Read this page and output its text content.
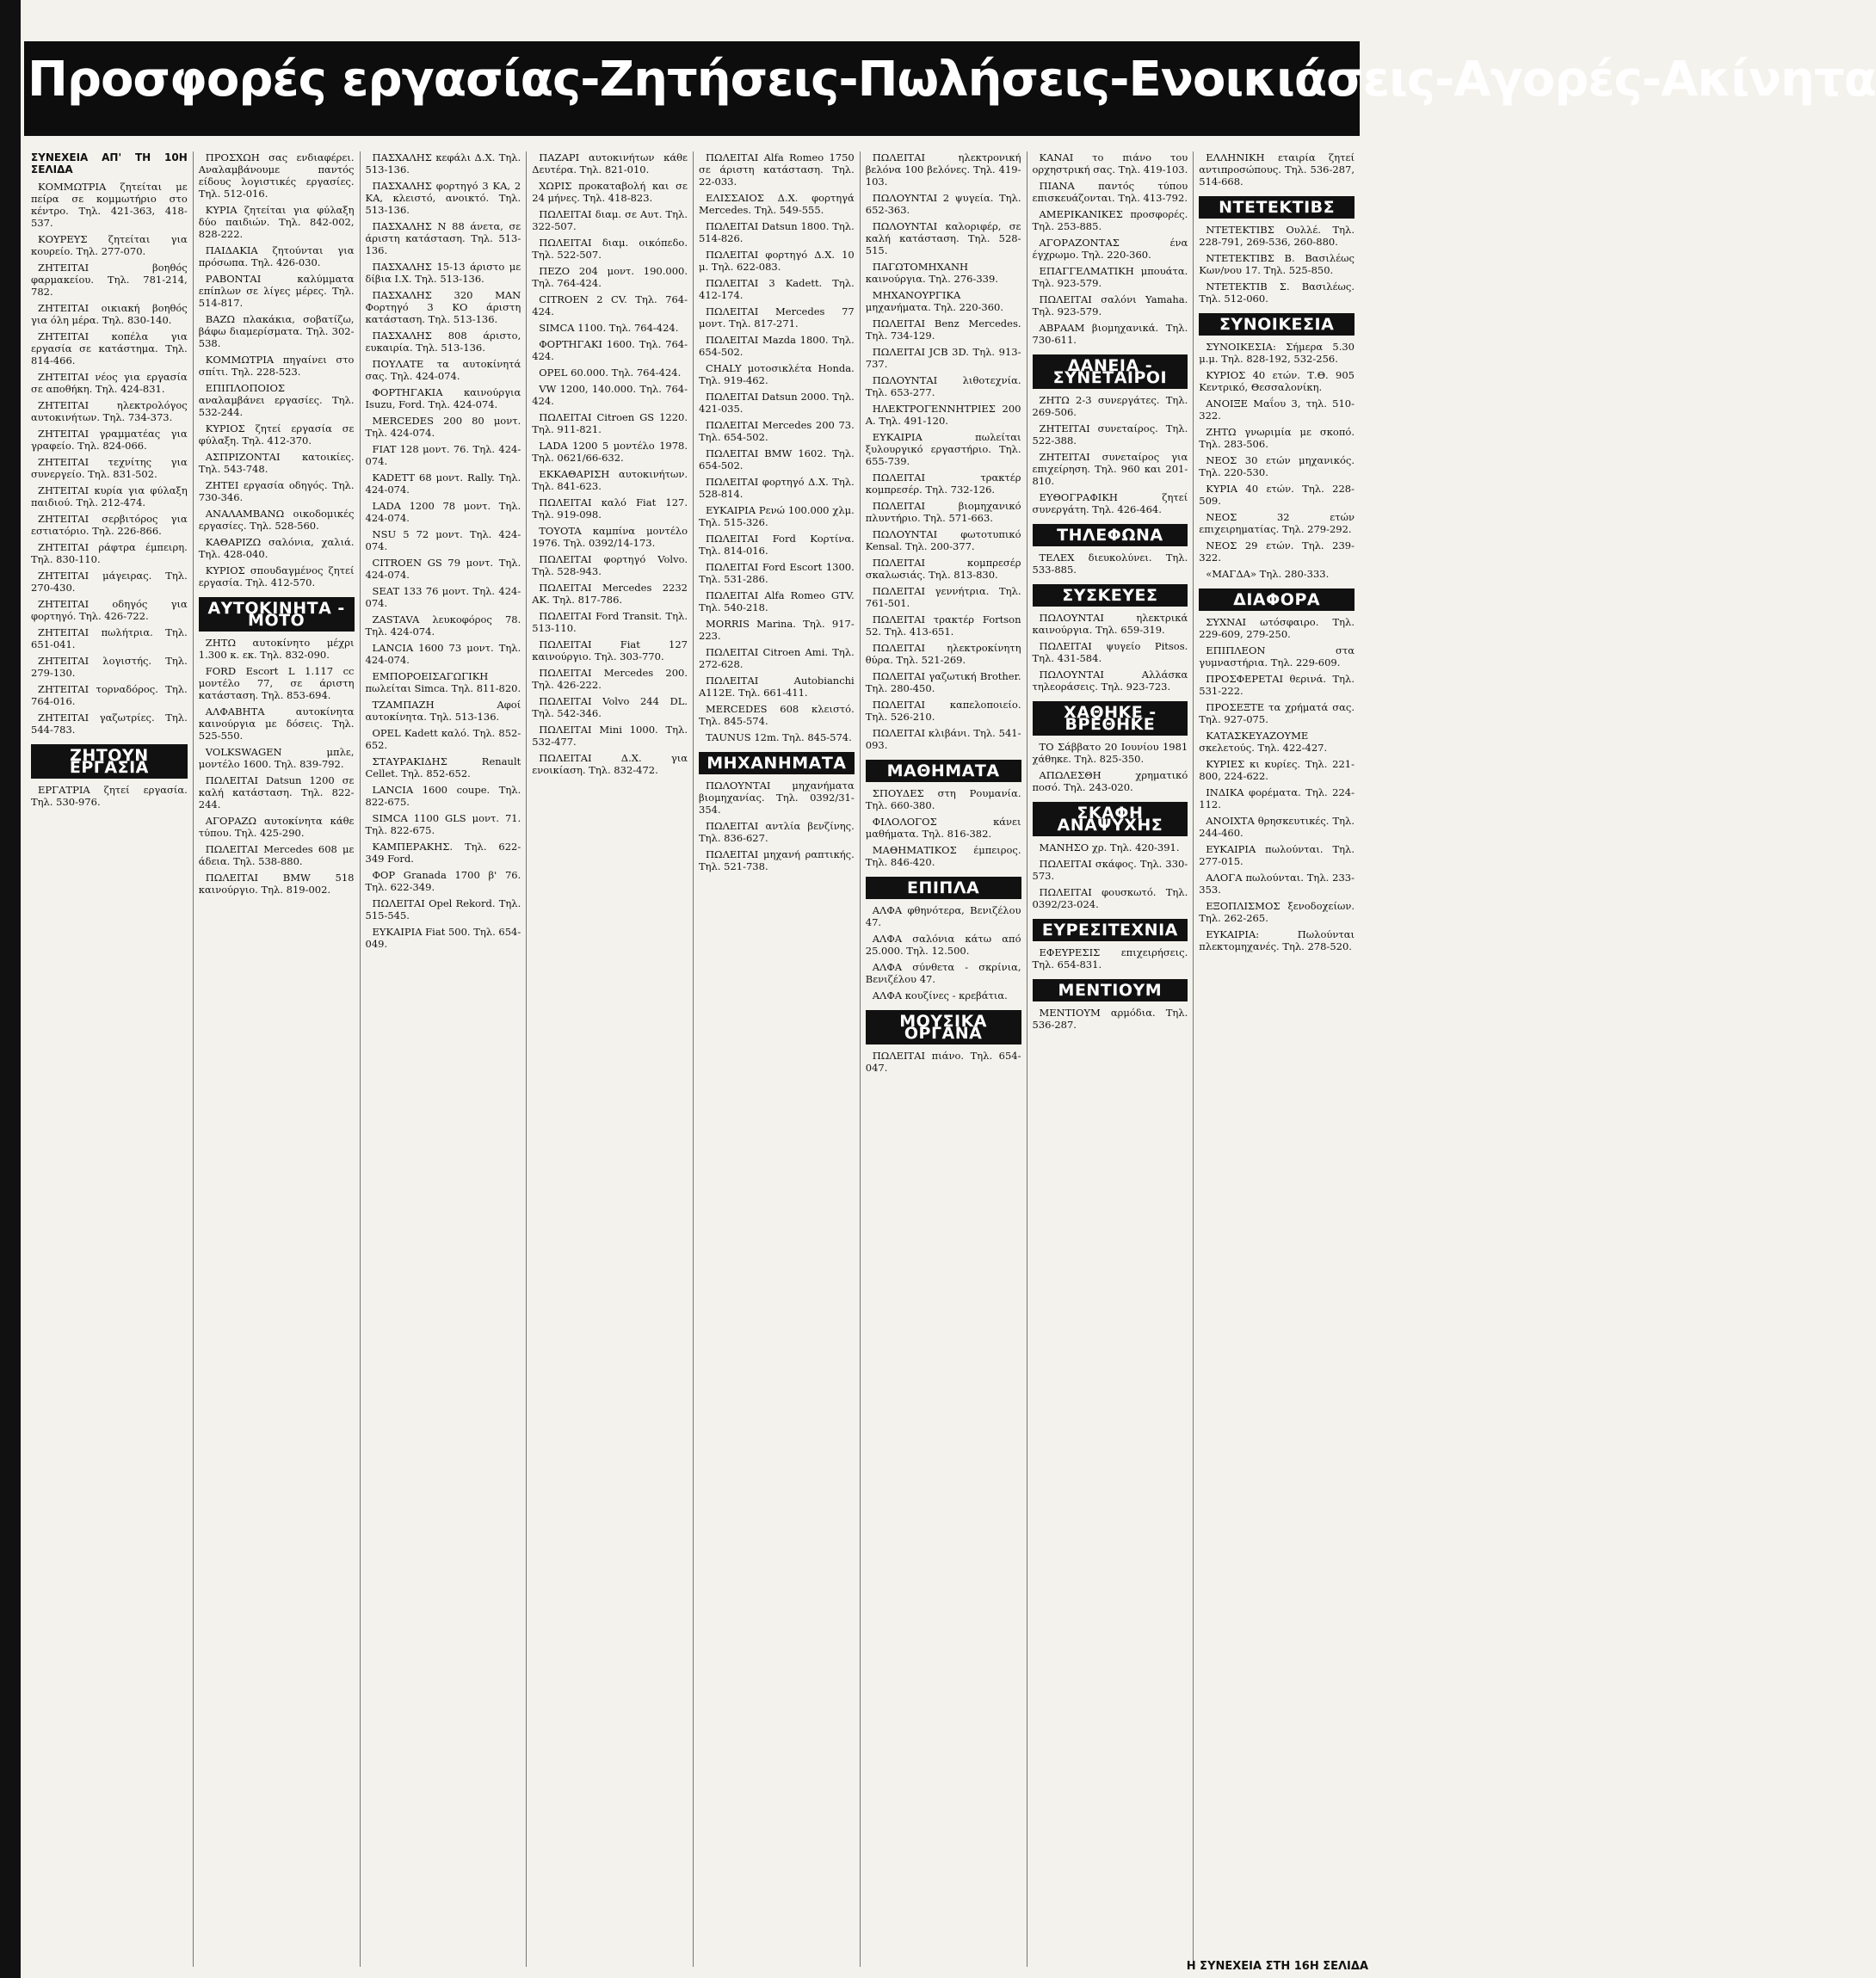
Προσφορές εργασίας-Ζητήσεις-Πωλήσεις-Ενοικιάσεις-Αγορές-Ακίνητα
ΣΥΝΕΧΕΙΑ ΑΠ' ΤΗ 10Η ΣΕΛΙΔΑ
ΚΟΜΜΩΤΡΙΑ ζητείται με πείρα σε κομμωτήριο στο κέντρο. Τηλ. 421-363, 418-537.
ΚΟΥΡΕΥΣ ζητείται για κουρείο. Τηλ. 277-070.
ΖΗΤΕΙΤΑΙ βοηθός φαρμακείου. Τηλ. 781-214, 782.
ΖΗΤΕΙΤΑΙ οικιακή βοηθός για όλη μέρα. Τηλ. 830-140.
ΖΗΤΕΙΤΑΙ κοπέλα για εργασία σε κατάστημα. Τηλ. 814-466.
ΖΗΤΕΙΤΑΙ νέος για εργασία σε αποθήκη. Τηλ. 424-831.
ΖΗΤΕΙΤΑΙ ηλεκτρολόγος αυτοκινήτων. Τηλ. 734-373.
ΖΗΤΕΙΤΑΙ γραμματέας για γραφείο. Τηλ. 824-066.
ΖΗΤΕΙΤΑΙ τεχνίτης για συνεργείο. Τηλ. 831-502.
ΖΗΤΕΙΤΑΙ κυρία για φύλαξη παιδιού. Τηλ. 212-474.
ΖΗΤΕΙΤΑΙ σερβιτόρος για εστιατόριο. Τηλ. 226-866.
ΖΗΤΕΙΤΑΙ ράφτρα έμπειρη. Τηλ. 830-110.
ΖΗΤΕΙΤΑΙ μάγειρας. Τηλ. 270-430.
ΖΗΤΕΙΤΑΙ οδηγός για φορτηγό. Τηλ. 426-722.
ΖΗΤΕΙΤΑΙ πωλήτρια. Τηλ. 651-041.
ΖΗΤΕΙΤΑΙ λογιστής. Τηλ. 279-130.
ΖΗΤΕΙΤΑΙ τορναδόρος. Τηλ. 764-016.
ΖΗΤΕΙΤΑΙ γαζωτρίες. Τηλ. 544-783.
ΖΗΤΟΥΝ ΕΡΓΑΣΙΑ
ΕΡΓΑΤΡΙΑ ζητεί εργασία. Τηλ. 530-976.
ΠΡΟΣΧΩΗ σας ενδιαφέρει. Αναλαμβάνουμε παντός είδους λογιστικές εργασίες. Τηλ. 512-016.
ΚΥΡΙΑ ζητείται για φύλαξη δύο παιδιών. Τηλ. 842-002, 828-222.
ΠΑΙΔΑΚΙΑ ζητούνται για πρόσωπα. Τηλ. 426-030.
ΡΑΒΟΝΤΑΙ καλύμματα επίπλων σε λίγες μέρες. Τηλ. 514-817.
ΒΑΖΩ πλακάκια, σοβατίζω, βάφω διαμερίσματα. Τηλ. 302-538.
ΚΟΜΜΩΤΡΙΑ πηγαίνει στο σπίτι. Τηλ. 228-523.
ΕΠΙΠΛΟΠΟΙΟΣ αναλαμβάνει εργασίες. Τηλ. 532-244.
ΚΥΡΙΟΣ ζητεί εργασία σε φύλαξη. Τηλ. 412-370.
ΑΣΠΡΙΖΟΝΤΑΙ κατοικίες. Τηλ. 543-748.
ΖΗΤΕΙ εργασία οδηγός. Τηλ. 730-346.
ΑΝΑΛΑΜΒΑΝΩ οικοδομικές εργασίες. Τηλ. 528-560.
ΚΑΘΑΡΙΖΩ σαλόνια, χαλιά. Τηλ. 428-040.
ΚΥΡΙΟΣ σπουδαγμένος ζητεί εργασία. Τηλ. 412-570.
ΑΥΤΟΚΙΝΗΤΑ - ΜΟΤΟ
ΖΗΤΩ αυτοκίνητο μέχρι 1.300 κ. εκ. Τηλ. 832-090.
FORD Escort L 1.117 cc μοντέλο 77, σε άριστη κατάσταση. Τηλ. 853-694.
ΑΛΦΑΒΗΤΑ αυτοκίνητα καινούργια με δόσεις. Τηλ. 525-550.
VOLKSWAGEN μπλε, μοντέλο 1600. Τηλ. 839-792.
ΠΩΛΕΙΤΑΙ Datsun 1200 σε καλή κατάσταση. Τηλ. 822-244.
ΑΓΟΡΑΖΩ αυτοκίνητα κάθε τύπου. Τηλ. 425-290.
ΠΩΛΕΙΤΑΙ Mercedes 608 με άδεια. Τηλ. 538-880.
ΠΩΛΕΙΤΑΙ BMW 518 καινούργιο. Τηλ. 819-002.
ΠΑΣΧΑΛΗΣ κεφάλι Δ.Χ. Τηλ. 513-136.
ΠΑΣΧΑΛΗΣ φορτηγό 3 ΚΑ, 2 ΚΑ, κλειστό, ανοικτό. Τηλ. 513-136.
ΠΑΣΧΑΛΗΣ Ν 88 άνετα, σε άριστη κατάσταση. Τηλ. 513-136.
ΠΑΣΧΑΛΗΣ 15-13 άριστο με δίβια Ι.Χ. Τηλ. 513-136.
ΠΑΣΧΑΛΗΣ 320 ΜΑΝ Φορτηγό 3 ΚΟ άριστη κατάσταση. Τηλ. 513-136.
ΠΑΣΧΑΛΗΣ 808 άριστο, ευκαιρία. Τηλ. 513-136.
ΠΟΥΛΑΤΕ τα αυτοκίνητά σας. Τηλ. 424-074.
ΦΟΡΤΗΓΑΚΙΑ καινούργια Isuzu, Ford. Τηλ. 424-074.
MERCEDES 200 80 μοντ. Τηλ. 424-074.
FIAT 128 μοντ. 76. Τηλ. 424-074.
KADETT 68 μοντ. Rally. Τηλ. 424-074.
LADA 1200 78 μοντ. Τηλ. 424-074.
NSU 5 72 μοντ. Τηλ. 424-074.
CITROEN GS 79 μοντ. Τηλ. 424-074.
SEAT 133 76 μοντ. Τηλ. 424-074.
ZASTAVA λευκοφόρος 78. Τηλ. 424-074.
LANCIA 1600 73 μοντ. Τηλ. 424-074.
ΕΜΠΟΡΟΕΙΣΑΓΩΓΙΚΗ πωλείται Simca. Τηλ. 811-820.
ΤΖΑΜΠΑΖΗ Αφοί αυτοκίνητα. Τηλ. 513-136.
OPEL Kadett καλό. Τηλ. 852-652.
ΣΤΑΥΡΑΚΙΔΗΣ Renault Cellet. Τηλ. 852-652.
LANCIA 1600 coupe. Τηλ. 822-675.
SIMCA 1100 GLS μοντ. 71. Τηλ. 822-675.
ΚΑΜΠΕΡΑΚΗΣ. Τηλ. 622-349 Ford.
ΦΟΡ Granada 1700 β' 76. Τηλ. 622-349.
ΠΩΛΕΙΤΑΙ Opel Rekord. Τηλ. 515-545.
ΕΥΚΑΙΡΙΑ Fiat 500. Τηλ. 654-049.
ΠΑΖΑΡΙ αυτοκινήτων κάθε Δευτέρα. Τηλ. 821-010.
ΧΩΡΙΣ προκαταβολή και σε 24 μήνες. Τηλ. 418-823.
ΠΩΛΕΙΤΑΙ διαμ. σε Αυτ. Τηλ. 322-507.
ΠΩΛΕΙΤΑΙ διαμ. οικόπεδο. Τηλ. 522-507.
ΠΕΖΟ 204 μοντ. 190.000. Τηλ. 764-424.
CITROEN 2 CV. Τηλ. 764-424.
SIMCA 1100. Τηλ. 764-424.
ΦΟΡΤΗΓΑΚΙ 1600. Τηλ. 764-424.
OPEL 60.000. Τηλ. 764-424.
VW 1200, 140.000. Τηλ. 764-424.
ΠΩΛΕΙΤΑΙ Citroen GS 1220. Τηλ. 911-821.
LADA 1200 5 μοντέλο 1978. Τηλ. 0621/66-632.
ΕΚΚΑΘΑΡΙΣΗ αυτοκινήτων. Τηλ. 841-623.
ΠΩΛΕΙΤΑΙ καλό Fiat 127. Τηλ. 919-098.
TOYOTA καμπίνα μοντέλο 1976. Τηλ. 0392/14-173.
ΠΩΛΕΙΤΑΙ φορτηγό Volvo. Τηλ. 528-943.
ΠΩΛΕΙΤΑΙ Mercedes 2232 AK. Τηλ. 817-786.
ΠΩΛΕΙΤΑΙ Ford Transit. Τηλ. 513-110.
ΠΩΛΕΙΤΑΙ Fiat 127 καινούργιο. Τηλ. 303-770.
ΠΩΛΕΙΤΑΙ Mercedes 200. Τηλ. 426-222.
ΠΩΛΕΙΤΑΙ Volvo 244 DL. Τηλ. 542-346.
ΠΩΛΕΙΤΑΙ Mini 1000. Τηλ. 532-477.
ΠΩΛΕΙΤΑΙ Δ.Χ. για ενοικίαση. Τηλ. 832-472.
ΠΩΛΕΙΤΑΙ Alfa Romeo 1750 σε άριστη κατάσταση. Τηλ. 22-033.
ΕΛΙΣΣΑΙΟΣ Δ.Χ. φορτηγά Mercedes. Τηλ. 549-555.
ΠΩΛΕΙΤΑΙ Datsun 1800. Τηλ. 514-826.
ΠΩΛΕΙΤΑΙ φορτηγό Δ.Χ. 10 μ. Τηλ. 622-083.
ΠΩΛΕΙΤΑΙ 3 Kadett. Τηλ. 412-174.
ΠΩΛΕΙΤΑΙ Mercedes 77 μοντ. Τηλ. 817-271.
ΠΩΛΕΙΤΑΙ Mazda 1800. Τηλ. 654-502.
CHALY μοτοσικλέτα Honda. Τηλ. 919-462.
ΠΩΛΕΙΤΑΙ Datsun 2000. Τηλ. 421-035.
ΠΩΛΕΙΤΑΙ Mercedes 200 73. Τηλ. 654-502.
ΠΩΛΕΙΤΑΙ BMW 1602. Τηλ. 654-502.
ΠΩΛΕΙΤΑΙ φορτηγό Δ.Χ. Τηλ. 528-814.
ΕΥΚΑΙΡΙΑ Ρενώ 100.000 χλμ. Τηλ. 515-326.
ΠΩΛΕΙΤΑΙ Ford Κορτίνα. Τηλ. 814-016.
ΠΩΛΕΙΤΑΙ Ford Escort 1300. Τηλ. 531-286.
ΠΩΛΕΙΤΑΙ Alfa Romeo GTV. Τηλ. 540-218.
MORRIS Marina. Τηλ. 917-223.
ΠΩΛΕΙΤΑΙ Citroen Ami. Τηλ. 272-628.
ΠΩΛΕΙΤΑΙ Autobianchi A112E. Τηλ. 661-411.
MERCEDES 608 κλειστό. Τηλ. 845-574.
TAUNUS 12m. Τηλ. 845-574.
ΜΗΧΑΝΗΜΑΤΑ
ΠΩΛΟΥΝΤΑΙ μηχανήματα βιομηχανίας. Τηλ. 0392/31-354.
ΠΩΛΕΙΤΑΙ αντλία βενζίνης. Τηλ. 836-627.
ΠΩΛΕΙΤΑΙ μηχανή ραπτικής. Τηλ. 521-738.
ΠΩΛΕΙΤΑΙ ηλεκτρονική βελόνα 100 βελόνες. Τηλ. 419-103.
ΠΩΛΟΥΝΤΑΙ 2 ψυγεία. Τηλ. 652-363.
ΠΩΛΟΥΝΤΑΙ καλοριφέρ, σε καλή κατάσταση. Τηλ. 528-515.
ΠΑΓΩΤΟΜΗΧΑΝΗ καινούργια. Τηλ. 276-339.
ΜΗΧΑΝΟΥΡΓΙΚΑ μηχανήματα. Τηλ. 220-360.
ΠΩΛΕΙΤΑΙ Benz Mercedes. Τηλ. 734-129.
ΠΩΛΕΙΤΑΙ JCB 3D. Τηλ. 913-737.
ΠΩΛΟΥΝΤΑΙ λιθοτεχνία. Τηλ. 653-277.
ΗΛΕΚΤΡΟΓΕΝΝΗΤΡΙΕΣ 200 A. Τηλ. 491-120.
ΕΥΚΑΙΡΙΑ πωλείται ξυλουργικό εργαστήριο. Τηλ. 655-739.
ΠΩΛΕΙΤΑΙ τρακτέρ κομπρεσέρ. Τηλ. 732-126.
ΠΩΛΕΙΤΑΙ βιομηχανικό πλυντήριο. Τηλ. 571-663.
ΠΩΛΟΥΝΤΑΙ φωτοτυπικό Kensal. Τηλ. 200-377.
ΠΩΛΕΙΤΑΙ κομπρεσέρ σκαλωσιάς. Τηλ. 813-830.
ΠΩΛΕΙΤΑΙ γεννήτρια. Τηλ. 761-501.
ΠΩΛΕΙΤΑΙ τρακτέρ Fortson 52. Τηλ. 413-651.
ΠΩΛΕΙΤΑΙ ηλεκτροκίνητη θύρα. Τηλ. 521-269.
ΠΩΛΕΙΤΑΙ γαζωτική Brother. Τηλ. 280-450.
ΠΩΛΕΙΤΑΙ καπελοποιείο. Τηλ. 526-210.
ΠΩΛΕΙΤΑΙ κλιβάνι. Τηλ. 541-093.
ΜΑΘΗΜΑΤΑ
ΣΠΟΥΔΕΣ στη Ρουμανία. Τηλ. 660-380.
ΦΙΛΟΛΟΓΟΣ κάνει μαθήματα. Τηλ. 816-382.
ΜΑΘΗΜΑΤΙΚΟΣ έμπειρος. Τηλ. 846-420.
ΕΠΙΠΛΑ
ΑΛΦΑ φθηνότερα, Βενιζέλου 47.
ΑΛΦΑ σαλόνια κάτω από 25.000. Τηλ. 12.500.
ΑΛΦΑ σύνθετα - σκρίνια, Βενιζέλου 47.
ΑΛΦΑ κουζίνες - κρεβάτια.
ΜΟΥΣΙΚΑ ΟΡΓΑΝΑ
ΠΩΛΕΙΤΑΙ πιάνο. Τηλ. 654-047.
ΚΑΝΑΙ το πιάνο του ορχηστρική σας. Τηλ. 419-103.
ΠΙΑΝΑ παντός τύπου επισκευάζονται. Τηλ. 413-792.
ΑΜΕΡΙΚΑΝΙΚΕΣ προσφορές. Τηλ. 253-885.
ΑΓΟΡΑΖΟΝΤΑΣ ένα έγχρωμο. Τηλ. 220-360.
ΕΠΑΓΓΕΛΜΑΤΙΚΗ μπουάτα. Τηλ. 923-579.
ΠΩΛΕΙΤΑΙ σαλόνι Yamaha. Τηλ. 923-579.
ΑΒΡΑΑΜ βιομηχανικά. Τηλ. 730-611.
ΔΑΝΕΙΑ - ΣΥΝΕΤΑΙΡΟΙ
ΖΗΤΩ 2-3 συνεργάτες. Τηλ. 269-506.
ΖΗΤΕΙΤΑΙ συνεταίρος. Τηλ. 522-388.
ΖΗΤΕΙΤΑΙ συνεταίρος για επιχείρηση. Τηλ. 960 και 201-810.
ΕΥΘΟΓΡΑΦΙΚΗ ζητεί συνεργάτη. Τηλ. 426-464.
ΤΗΛΕΦΩΝΑ
ΤΕΛΕΧ διευκολύνει. Τηλ. 533-885.
ΣΥΣΚΕΥΕΣ
ΠΩΛΟΥΝΤΑΙ ηλεκτρικά καινούργια. Τηλ. 659-319.
ΠΩΛΕΙΤΑΙ ψυγείο Pitsos. Τηλ. 431-584.
ΠΩΛΟΥΝΤΑΙ Αλλάσκα τηλεοράσεις. Τηλ. 923-723.
ΧΑΘΗΚΕ - ΒΡΕΘΗΚΕ
ΤΟ Σάββατο 20 Ιουνίου 1981 χάθηκε. Τηλ. 825-350.
ΑΠΩΛΕΣΘΗ χρηματικό ποσό. Τηλ. 243-020.
ΣΚΑΦΗ ΑΝΑΨΥΧΗΣ
ΜΑΝΗΣΟ χρ. Τηλ. 420-391.
ΠΩΛΕΙΤΑΙ σκάφος. Τηλ. 330-573.
ΠΩΛΕΙΤΑΙ φουσκωτό. Τηλ. 0392/23-024.
ΕΥΡΕΣΙΤΕΧΝΙΑ
ΕΦΕΥΡΕΣΙΣ επιχειρήσεις. Τηλ. 654-831.
ΜΕΝΤΙΟΥΜ
ΜΕΝΤΙΟΥΜ αρμόδια. Τηλ. 536-287.
ΕΛΛΗΝΙΚΗ εταιρία ζητεί αντιπροσώπους. Τηλ. 536-287, 514-668.
ΝΤΕΤΕΚΤΙΒΣ
ΝΤΕΤΕΚΤΙΒΣ Ουλλέ. Τηλ. 228-791, 269-536, 260-880.
ΝΤΕΤΕΚΤΙΒΣ Β. Βασιλέως Κων/νου 17. Τηλ. 525-850.
ΝΤΕΤΕΚΤΙΒ Σ. Βασιλέως. Τηλ. 512-060.
ΣΥΝΟΙΚΕΣΙΑ
ΣΥΝΟΙΚΕΣΙΑ: Σήμερα 5.30 μ.μ. Τηλ. 828-192, 532-256.
ΚΥΡΙΟΣ 40 ετών. Τ.Θ. 905 Κεντρικό, Θεσσαλονίκη.
ΑΝΟΙΞΕ Μαΐου 3, τηλ. 510-322.
ΖΗΤΩ γνωριμία με σκοπό. Τηλ. 283-506.
ΝΕΟΣ 30 ετών μηχανικός. Τηλ. 220-530.
ΚΥΡΙΑ 40 ετών. Τηλ. 228-509.
ΝΕΟΣ 32 ετών επιχειρηματίας. Τηλ. 279-292.
ΝΕΟΣ 29 ετών. Τηλ. 239-322.
«ΜΑΓΔΑ» Τηλ. 280-333.
ΔΙΑΦΟΡΑ
ΣΥΧΝΑΙ ωτόσφαιρο. Τηλ. 229-609, 279-250.
ΕΠΙΠΛΕΟΝ στα γυμναστήρια. Τηλ. 229-609.
ΠΡΟΣΦΕΡΕΤΑΙ θερινά. Τηλ. 531-222.
ΠΡΟΣΕΞΤΕ τα χρήματά σας. Τηλ. 927-075.
ΚΑΤΑΣΚΕΥΑΖΟΥΜΕ σκελετούς. Τηλ. 422-427.
ΚΥΡΙΕΣ κι κυρίες. Τηλ. 221-800, 224-622.
ΙΝΔΙΚΑ φορέματα. Τηλ. 224-112.
ΑΝΟΙΧΤΑ θρησκευτικές. Τηλ. 244-460.
ΕΥΚΑΙΡΙΑ πωλούνται. Τηλ. 277-015.
ΑΛΟΓΑ πωλούνται. Τηλ. 233-353.
ΕΞΟΠΛΙΣΜΟΣ ξενοδοχείων. Τηλ. 262-265.
ΕΥΚΑΙΡΙΑ: Πωλούνται πλεκτομηχανές. Τηλ. 278-520.
Η ΣΥΝΕΧΕΙΑ ΣΤΗ 16Η ΣΕΛΙΔΑ
